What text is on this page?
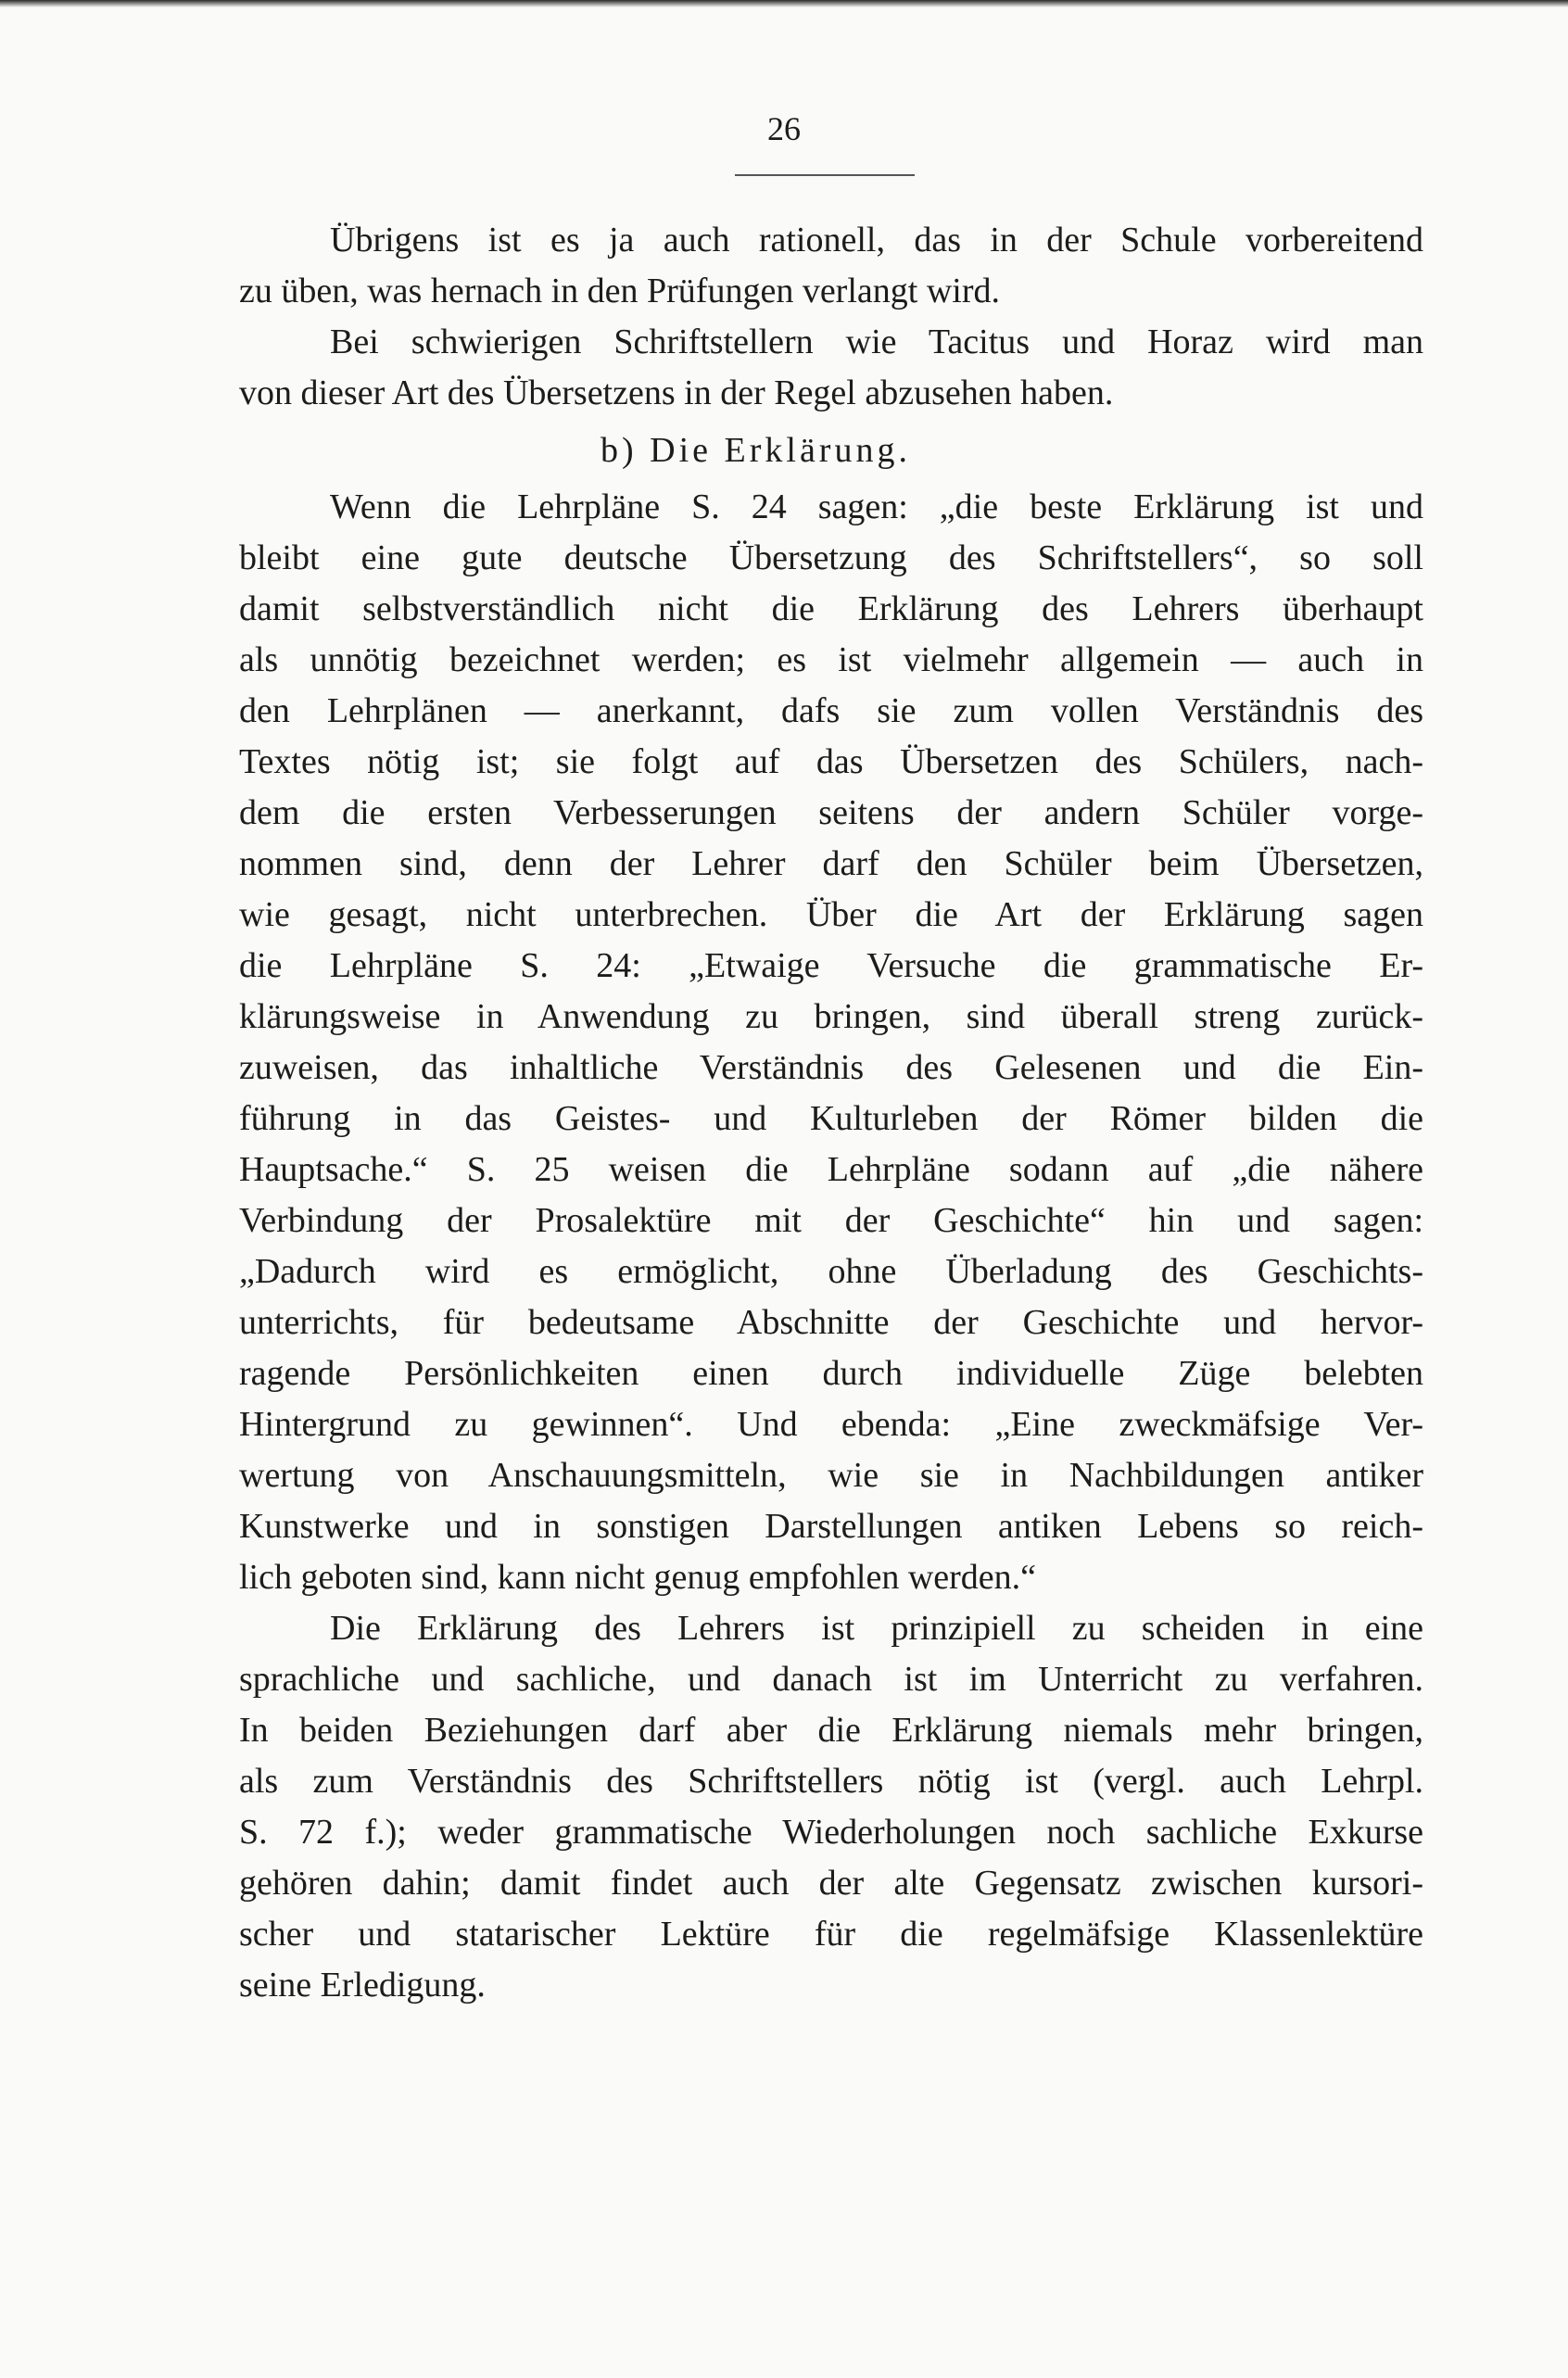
26
Übrigens ist es ja auch rationell, das in der Schule vorbereitend
zu üben, was hernach in den Prüfungen verlangt wird.
Bei schwierigen Schriftstellern wie Tacitus und Horaz wird man
von dieser Art des Übersetzens in der Regel abzusehen haben.
b) Die Erklärung.
Wenn die Lehrpläne S. 24 sagen: „die beste Erklärung ist und
bleibt eine gute deutsche Übersetzung des Schriftstellers“, so soll
damit selbstverständlich nicht die Erklärung des Lehrers überhaupt
als unnötig bezeichnet werden; es ist vielmehr allgemein — auch in
den Lehrplänen — anerkannt, dafs sie zum vollen Verständnis des
Textes nötig ist; sie folgt auf das Übersetzen des Schülers, nach-
dem die ersten Verbesserungen seitens der andern Schüler vorge-
nommen sind, denn der Lehrer darf den Schüler beim Übersetzen,
wie gesagt, nicht unterbrechen. Über die Art der Erklärung sagen
die Lehrpläne S. 24: „Etwaige Versuche die grammatische Er-
klärungsweise in Anwendung zu bringen, sind überall streng zurück-
zuweisen, das inhaltliche Verständnis des Gelesenen und die Ein-
führung in das Geistes- und Kulturleben der Römer bilden die
Hauptsache.“ S. 25 weisen die Lehrpläne sodann auf „die nähere
Verbindung der Prosalektüre mit der Geschichte“ hin und sagen:
„Dadurch wird es ermöglicht, ohne Überladung des Geschichts-
unterrichts, für bedeutsame Abschnitte der Geschichte und hervor-
ragende Persönlichkeiten einen durch individuelle Züge belebten
Hintergrund zu gewinnen“. Und ebenda: „Eine zweckmäfsige Ver-
wertung von Anschauungsmitteln, wie sie in Nachbildungen antiker
Kunstwerke und in sonstigen Darstellungen antiken Lebens so reich-
lich geboten sind, kann nicht genug empfohlen werden.“
Die Erklärung des Lehrers ist prinzipiell zu scheiden in eine
sprachliche und sachliche, und danach ist im Unterricht zu verfahren.
In beiden Beziehungen darf aber die Erklärung niemals mehr bringen,
als zum Verständnis des Schriftstellers nötig ist (vergl. auch Lehrpl.
S. 72 f.); weder grammatische Wiederholungen noch sachliche Exkurse
gehören dahin; damit findet auch der alte Gegensatz zwischen kursori-
scher und statarischer Lektüre für die regelmäfsige Klassenlektüre
seine Erledigung.
